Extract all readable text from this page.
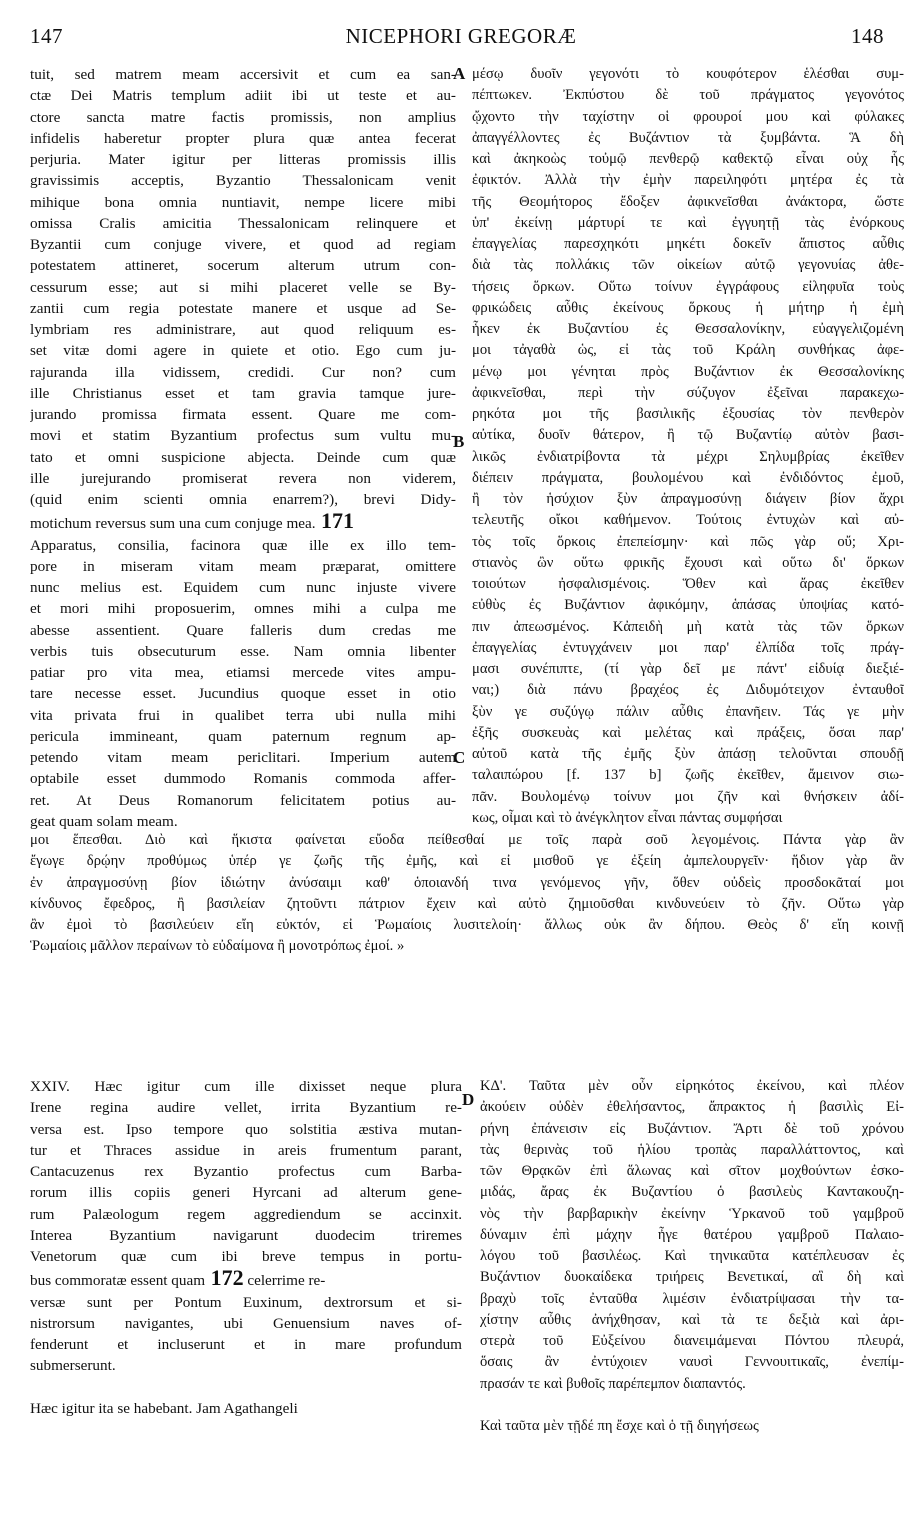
147	NICEPHORI GREGORÆ	148
tuit, sed matrem meam accersivit et cum ea san-
ctæ Dei Matris templum adiit ibi ut teste et au-
ctore sancta matre factis promissis, non amplius
infidelis haberetur propter plura quæ antea fecerat
perjuria. Mater igitur per litteras promissis illis
gravissimis acceptis, Byzantio Thessalonicam venit
mihique bona omnia nuntiavit, nempe licere mibi
omissa Cralis amicitia Thessalonicam relinquere et
Byzantii cum conjuge vivere, et quod ad regiam
potestatem attineret, socerum alterum utrum con-
cessurum esse; aut si mihi placeret velle se By-
zantii cum regia potestate manere et usque ad Se-
lymbriam res administrare, aut quod reliquum es-
set vitæ domi agere in quiete et otio. Ego cum ju-
rajuranda illa vidissem, credidi. Cur non? cum
ille Christianus esset et tam gravia tamque jure-
jurando promissa firmata essent. Quare me com-
movi et statim Byzantium profectus sum vultu mu-
tato et omni suspicione abjecta. Deinde cum quæ
ille jurejurando promiserat revera non viderem,
(quid enim scienti omnia enarrem?), brevi Didy-
motichum reversus sum una cum conjuge mea. 171
Apparatus, consilia, facinora quæ ille ex illo tem-
pore in miseram vitam meam præparat, omittere
nunc melius est. Equidem cum nunc injuste vivere
et mori mihi proposuerim, omnes mihi a culpa me
abesse assentient. Quare falleris dum credas me
verbis tuis obsecuturum esse. Nam omnia libenter
patiar pro vita mea, etiamsi mercede vites ampu-
tare necesse esset. Jucundius quoque esset in otio
vita privata frui in qualibet terra ubi nulla mihi
pericula immineant, quam paternum regnum ap-
petendo vitam meam periclitari. Imperium autem
optabile esset dummodo Romanis commoda affer-
ret. At Deus Romanorum felicitatem potius au-
geat quam solam meam.
μέσῳ δυοῖν γεγονότι τὸ κουφότερον ἑλέσθαι συμ-
πέπτωκεν. Ἐκπύστου δὲ τοῦ πράγματος γεγονότος
ᾤχοντο τὴν ταχίστην οἱ φρουροί μου καὶ φύλακες
ἀπαγγέλλοντες ἐς Βυζάντιον τὰ ξυμβάντα. Ἃ δὴ
καὶ ἀκηκοὼς τοὐμῷ πενθερῷ καθεκτῷ εἶναι οὐχ ἧς
ἐφικτόν. Ἀλλὰ τὴν ἐμὴν παρειληφότι μητέρα ἐς τὰ
τῆς Θεομήτορος ἔδοξεν ἀφικνεῖσθαι ἀνάκτορα, ὥστε
ὑπ' ἐκείνῃ μάρτυρί τε καὶ ἐγγυητῇ τὰς ἐνόρκους
ἐπαγγελίας παρεσχηκότι μηκέτι δοκεῖν ἄπιστος αὖθις
διὰ τὰς πολλάκις τῶν οἰκείων αὐτῷ γεγονυίας ἀθε-
τήσεις ὅρκων. Οὕτω τοίνυν ἐγγράφους εἰληφυῖα τοὺς
φρικώδεις αὖθις ἐκείνους ὅρκους ἡ μήτηρ ἡ ἐμὴ
ἧκεν ἐκ Βυζαντίου ἐς Θεσσαλονίκην, εὐαγγελιζομένη
μοι τἀγαθὰ ὡς, εἰ τὰς τοῦ Κράλη συνθήκας ἀφε-
μένῳ μοι γένηται πρὸς Βυζάντιον ἐκ Θεσσαλονίκης
ἀφικνεῖσθαι, περὶ τὴν σύζυγον ἐξεῖναι παρακεχω-
ρηκότα μοι τῆς βασιλικῆς ἐξουσίας τὸν πενθερὸν
αὐτίκα, δυοῖν θάτερον, ἢ τῷ Βυζαντίῳ αὐτὸν βασι-
λικῶς ἐνδιατρίβοντα τὰ μέχρι Σηλυμβρίας ἐκεῖθεν
διέπειν πράγματα, βουλομένου καὶ ἐνδιδόντος ἐμοῦ,
ἢ τὸν ἡσύχιον ξὺν ἀπραγμοσύνῃ διάγειν βίον ἄχρι
τελευτῆς οἴκοι καθήμενον. Τούτοις ἐντυχὼν καὶ αὐ-
τὸς τοῖς ὅρκοις ἐπεπείσμην· καὶ πῶς γὰρ οὔ; Χρι-
στιανὸς ὢν οὕτω φρικῆς ἔχουσι καὶ οὕτω δι' ὅρκων
τοιούτων ἠσφαλισμένοις. Ὅθεν καὶ ἄρας ἐκεῖθεν
εὐθὺς ἐς Βυζάντιον ἀφικόμην, ἁπάσας ὑποψίας κατό-
πιν ἀπεωσμένος. Κἀπειδὴ μὴ κατὰ τὰς τῶν ὅρκων
ἐπαγγελίας ἐντυγχάνειν μοι παρ' ἐλπίδα τοῖς πράγ-
μασι συνέπιπτε, (τί γὰρ δεῖ με πάντ' εἰδυίᾳ διεξιέ-
ναι;) διὰ πάνυ βραχέος ἐς Διδυμότειχον ἐνταυθοῖ
ξὺν γε συζύγῳ πάλιν αὖθις ἐπανῆειν. Τάς γε μὴν
ἐξῆς συσκευὰς καὶ μελέτας καὶ πράξεις, ὅσαι παρ'
αὐτοῦ κατὰ τῆς ἐμῆς ξὺν ἀπάσῃ τελοῦνται σπουδῇ
ταλαιπώρου [f. 137 b] ζωῆς ἐκεῖθεν, ἄμεινον σιω-
πᾶν. Βουλομένῳ τοίνυν μοι ζῆν καὶ θνήσκειν ἀδί-
κως, οἶμαι καὶ τὸ ἀνέγκλητον εἶναι πάντας συμφήσαι
A
B
C
D
μοι ἕπεσθαι. Διὸ καὶ ἥκιστα φαίνεται εὔοδα πείθεσθαί με τοῖς παρὰ σοῦ λεγομένοις. Πάντα γὰρ ἂν
ἔγωγε δρῴην προθύμως ὑπέρ γε ζωῆς τῆς ἐμῆς, καὶ εἰ μισθοῦ γε ἐξείη ἀμπελουργεῖν· ἥδιον γὰρ ἂν
ἐν ἀπραγμοσύνῃ βίον ἰδιώτην ἀνύσαιμι καθ' ὁποιανδή τινα γενόμενος γῆν, ὅθεν οὐδεὶς προσδοκᾶταί μοι
κίνδυνος ἔφεδρος, ἢ βασιλείαν ζητοῦντι πάτριον ἔχειν καὶ αὐτὸ ζημιοῦσθαι κινδυνεύειν τὸ ζῆν. Οὕτω γὰρ
ἂν ἐμοὶ τὸ βασιλεύειν εἴη εὐκτόν, εἰ Ῥωμαίοις λυσιτελοίη· ἄλλως οὐκ ἂν δήπου. Θεὸς δ' εἴη κοινῇ
Ῥωμαίοις μᾶλλον περαίνων τὸ εὐδαίμονα ἢ μονοτρόπως ἐμοί. »
XXIV. Hæc igitur cum ille dixisset neque plura
Irene regina audire vellet, irrita Byzantium re-
versa est. Ipso tempore quo solstitia æstiva mutan-
tur et Thraces assidue in areis frumentum parant,
Cantacuzenus rex Byzantio profectus cum Barba-
rorum illis copiis generi Hyrcani ad alterum gene-
rum Palæologum regem aggrediendum se accinxit.
Interea Byzantium navigarunt duodecim triremes
Venetorum quæ cum ibi breve tempus in portu-
bus commoratæ essent quam 172 celerrime re-
versæ sunt per Pontum Euxinum, dextrorsum et si-
nistrorsum navigantes, ubi Genuensium naves of-
fenderunt et incluserunt et in mare profundum
submerserunt.

Hæc igitur ita se habebant. Jam Agathangeli
ΚΔ'. Ταῦτα μὲν οὖν εἰρηκότος ἐκείνου, καὶ πλέον
ἀκούειν οὐδὲν ἐθελήσαντος, ἄπρακτος ἡ βασιλὶς Εἰ-
ρήνη ἐπάνεισιν εἰς Βυζάντιον. Ἄρτι δὲ τοῦ χρόνου
τὰς θερινὰς τοῦ ἡλίου τροπὰς παραλλάττοντος, καὶ
τῶν Θρᾳκῶν ἐπὶ ἅλωνας καὶ σῖτον μοχθούντων ἐσκο-
μιδάς, ἄρας ἐκ Βυζαντίου ὁ βασιλεὺς Καντακουζη-
νὸς τὴν βαρβαρικὴν ἐκείνην Ὑρκανοῦ τοῦ γαμβροῦ
δύναμιν ἐπὶ μάχην ἦγε θατέρου γαμβροῦ Παλαιο-
λόγου τοῦ βασιλέως. Καὶ τηνικαῦτα κατέπλευσαν ἐς
Βυζάντιον δυοκαίδεκα τριήρεις Βενετικαί, αἳ δὴ καὶ
βραχὺ τοῖς ἐνταῦθα λιμέσιν ἐνδιατρίψασαι τὴν τα-
χίστην αὖθις ἀνήχθησαν, καὶ τὰ τε δεξιὰ καὶ ἀρι-
στερὰ τοῦ Εὐξείνου διανειμάμεναι Πόντου πλευρά,
ὅσαις ἂν ἐντύχοιεν ναυσὶ Γεννουιτικαῖς, ἐνεπίμ-
πρασάν τε καὶ βυθοῖς παρέπεμπον διαπαντός.

Καὶ ταῦτα μὲν τῇδέ πη ἔσχε καὶ ὁ τῇ διηγήσεως
